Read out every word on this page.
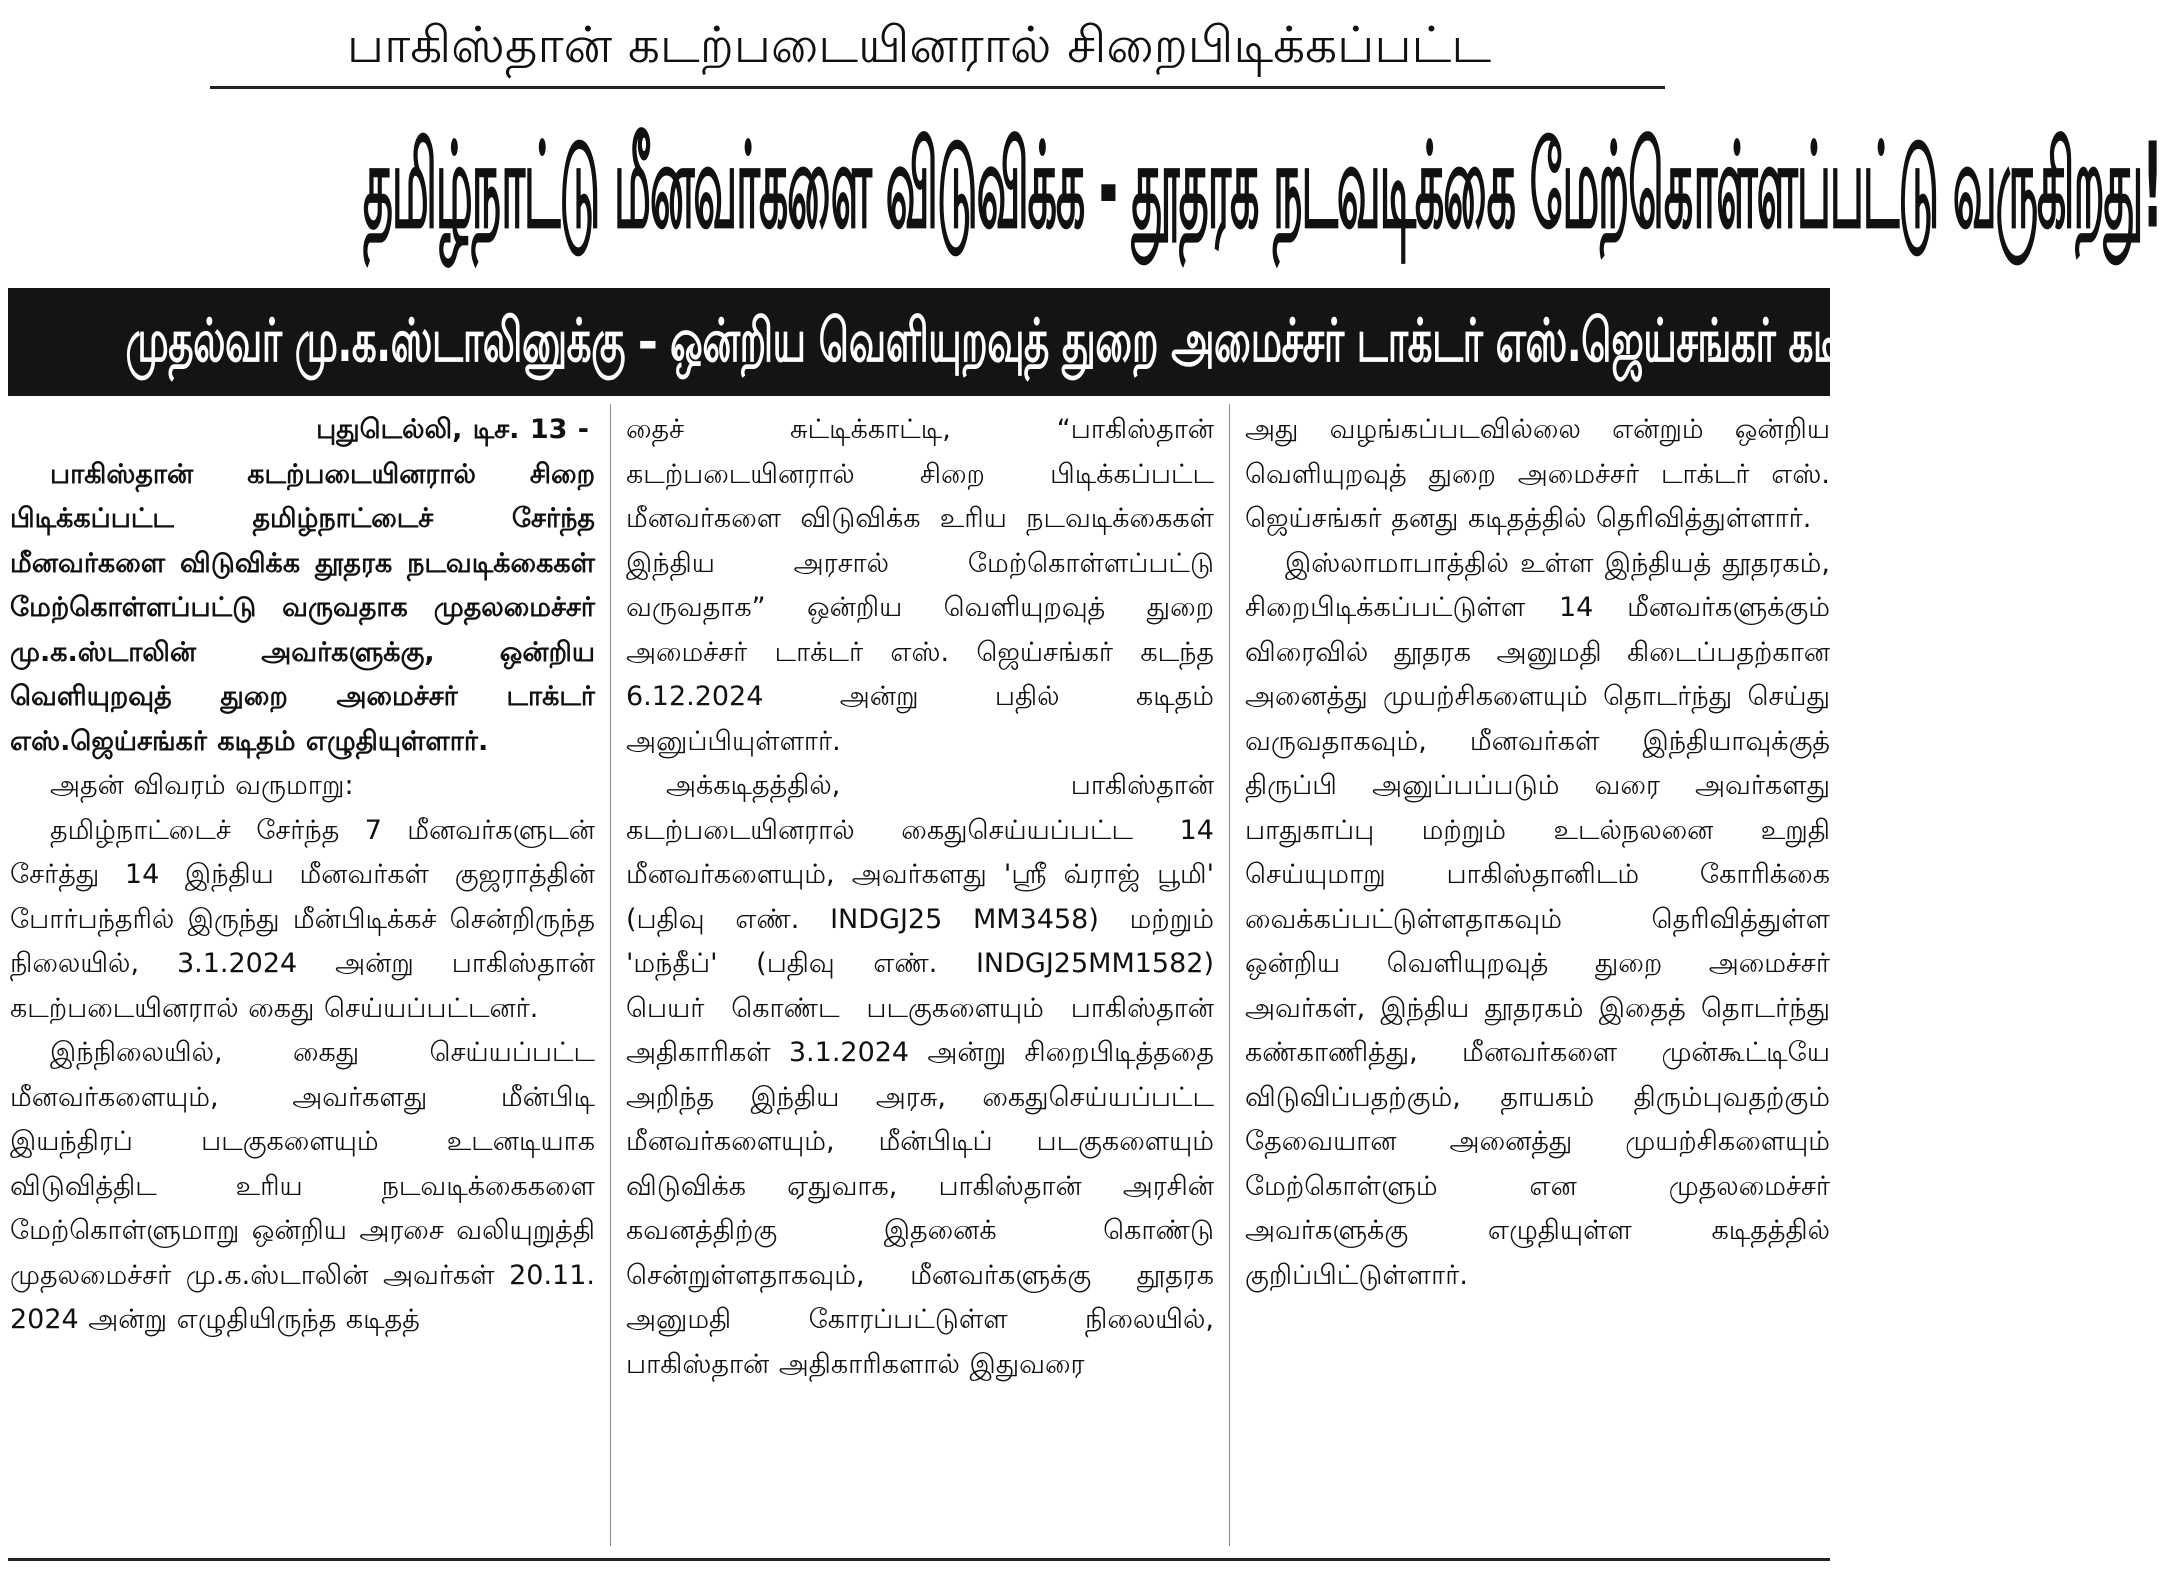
பாகிஸ்தான் கடற்படையினரால் சிறைபிடிக்கப்பட்ட
தமிழ்நாட்டு மீனவர்களை விடுவிக்க - தூதரக நடவடிக்கை மேற்கொள்ளப்பட்டு வருகிறது!
முதல்வர் மு.க.ஸ்டாலினுக்கு – ஒன்றிய வெளியுறவுத் துறை அமைச்சர் டாக்டர் எஸ்.ஜெய்சங்கர் கடிதம்!

புதுடெல்லி, டிச. 13 -

பாகிஸ்தான் கடற்படையினரால் சிறை பிடிக்கப்பட்ட தமிழ்நாட்டைச் சேர்ந்த மீனவர்களை விடுவிக்க தூதரக நடவடிக்கைகள் மேற்கொள்ளப்பட்டு வருவதாக முதலமைச்சர் மு.க.ஸ்டாலின் அவர்களுக்கு, ஒன்றிய வெளியுறவுத் துறை அமைச்சர் டாக்டர் எஸ்.ஜெய்சங்கர் கடிதம் எழுதியுள்ளார்.

அதன் விவரம் வருமாறு:

தமிழ்நாட்டைச் சேர்ந்த 7 மீனவர்களுடன் சேர்த்து 14 இந்திய மீனவர்கள் குஜராத்தின் போர்பந்தரில் இருந்து மீன்பிடிக்கச் சென்றிருந்த நிலையில், 3.1.2024 அன்று பாகிஸ்தான் கடற்படையினரால் கைது செய்யப்பட்டனர்.

இந்நிலையில், கைது செய்யப்பட்ட மீனவர்களையும், அவர்களது மீன்பிடி இயந்திரப் படகுகளையும் உடனடியாக விடுவித்திட உரிய நடவடிக்கைகளை மேற்கொள்ளுமாறு ஒன்றிய அரசை வலியுறுத்தி முதலமைச்சர் மு.க.ஸ்டாலின் அவர்கள் 20.11. 2024 அன்று எழுதியிருந்த கடிதத்

தைச் சுட்டிக்காட்டி, “பாகிஸ்தான் கடற்படையினரால் சிறை பிடிக்கப்பட்ட மீனவர்களை விடுவிக்க உரிய நடவடிக்கைகள் இந்திய அரசால் மேற்கொள்ளப்பட்டு வருவதாக” ஒன்றிய வெளியுறவுத் துறை அமைச்சர் டாக்டர் எஸ். ஜெய்சங்கர் கடந்த 6.12.2024 அன்று பதில் கடிதம் அனுப்பியுள்ளார்.

அக்கடிதத்தில், பாகிஸ்தான் கடற்படையினரால் கைதுசெய்யப்பட்ட 14 மீனவர்களையும், அவர்களது 'ஸ்ரீ வ்ராஜ் பூமி' (பதிவு எண். INDGJ25 MM3458) மற்றும் 'மந்தீப்' (பதிவு எண். INDGJ25MM1582) பெயர் கொண்ட படகுகளையும் பாகிஸ்தான் அதிகாரிகள் 3.1.2024 அன்று சிறைபிடித்ததை அறிந்த இந்திய அரசு, கைதுசெய்யப்பட்ட மீனவர்களையும், மீன்பிடிப் படகுகளையும் விடுவிக்க ஏதுவாக, பாகிஸ்தான் அரசின் கவனத்திற்கு இதனைக் கொண்டு சென்றுள்ளதாகவும், மீனவர்களுக்கு தூதரக அனுமதி கோரப்பட்டுள்ள நிலையில், பாகிஸ்தான் அதிகாரிகளால் இதுவரை

அது வழங்கப்படவில்லை என்றும் ஒன்றிய வெளியுறவுத் துறை அமைச்சர் டாக்டர் எஸ். ஜெய்சங்கர் தனது கடிதத்தில் தெரிவித்துள்ளார்.

இஸ்லாமாபாத்தில் உள்ள இந்தியத் தூதரகம், சிறைபிடிக்கப்பட்டுள்ள 14 மீனவர்களுக்கும் விரைவில் தூதரக அனுமதி கிடைப்பதற்கான அனைத்து முயற்சிகளையும் தொடர்ந்து செய்து வருவதாகவும், மீனவர்கள் இந்தியாவுக்குத் திருப்பி அனுப்பப்படும் வரை அவர்களது பாதுகாப்பு மற்றும் உடல்நலனை உறுதி செய்யுமாறு பாகிஸ்தானிடம் கோரிக்கை வைக்கப்பட்டுள்ளதாகவும் தெரிவித்துள்ள ஒன்றிய வெளியுறவுத் துறை அமைச்சர் அவர்கள், இந்திய தூதரகம் இதைத் தொடர்ந்து கண்காணித்து, மீனவர்களை முன்கூட்டியே விடுவிப்பதற்கும், தாயகம் திரும்புவதற்கும் தேவையான அனைத்து முயற்சிகளையும் மேற்கொள்ளும் என முதலமைச்சர் அவர்களுக்கு எழுதியுள்ள கடிதத்தில் குறிப்பிட்டுள்ளார்.
